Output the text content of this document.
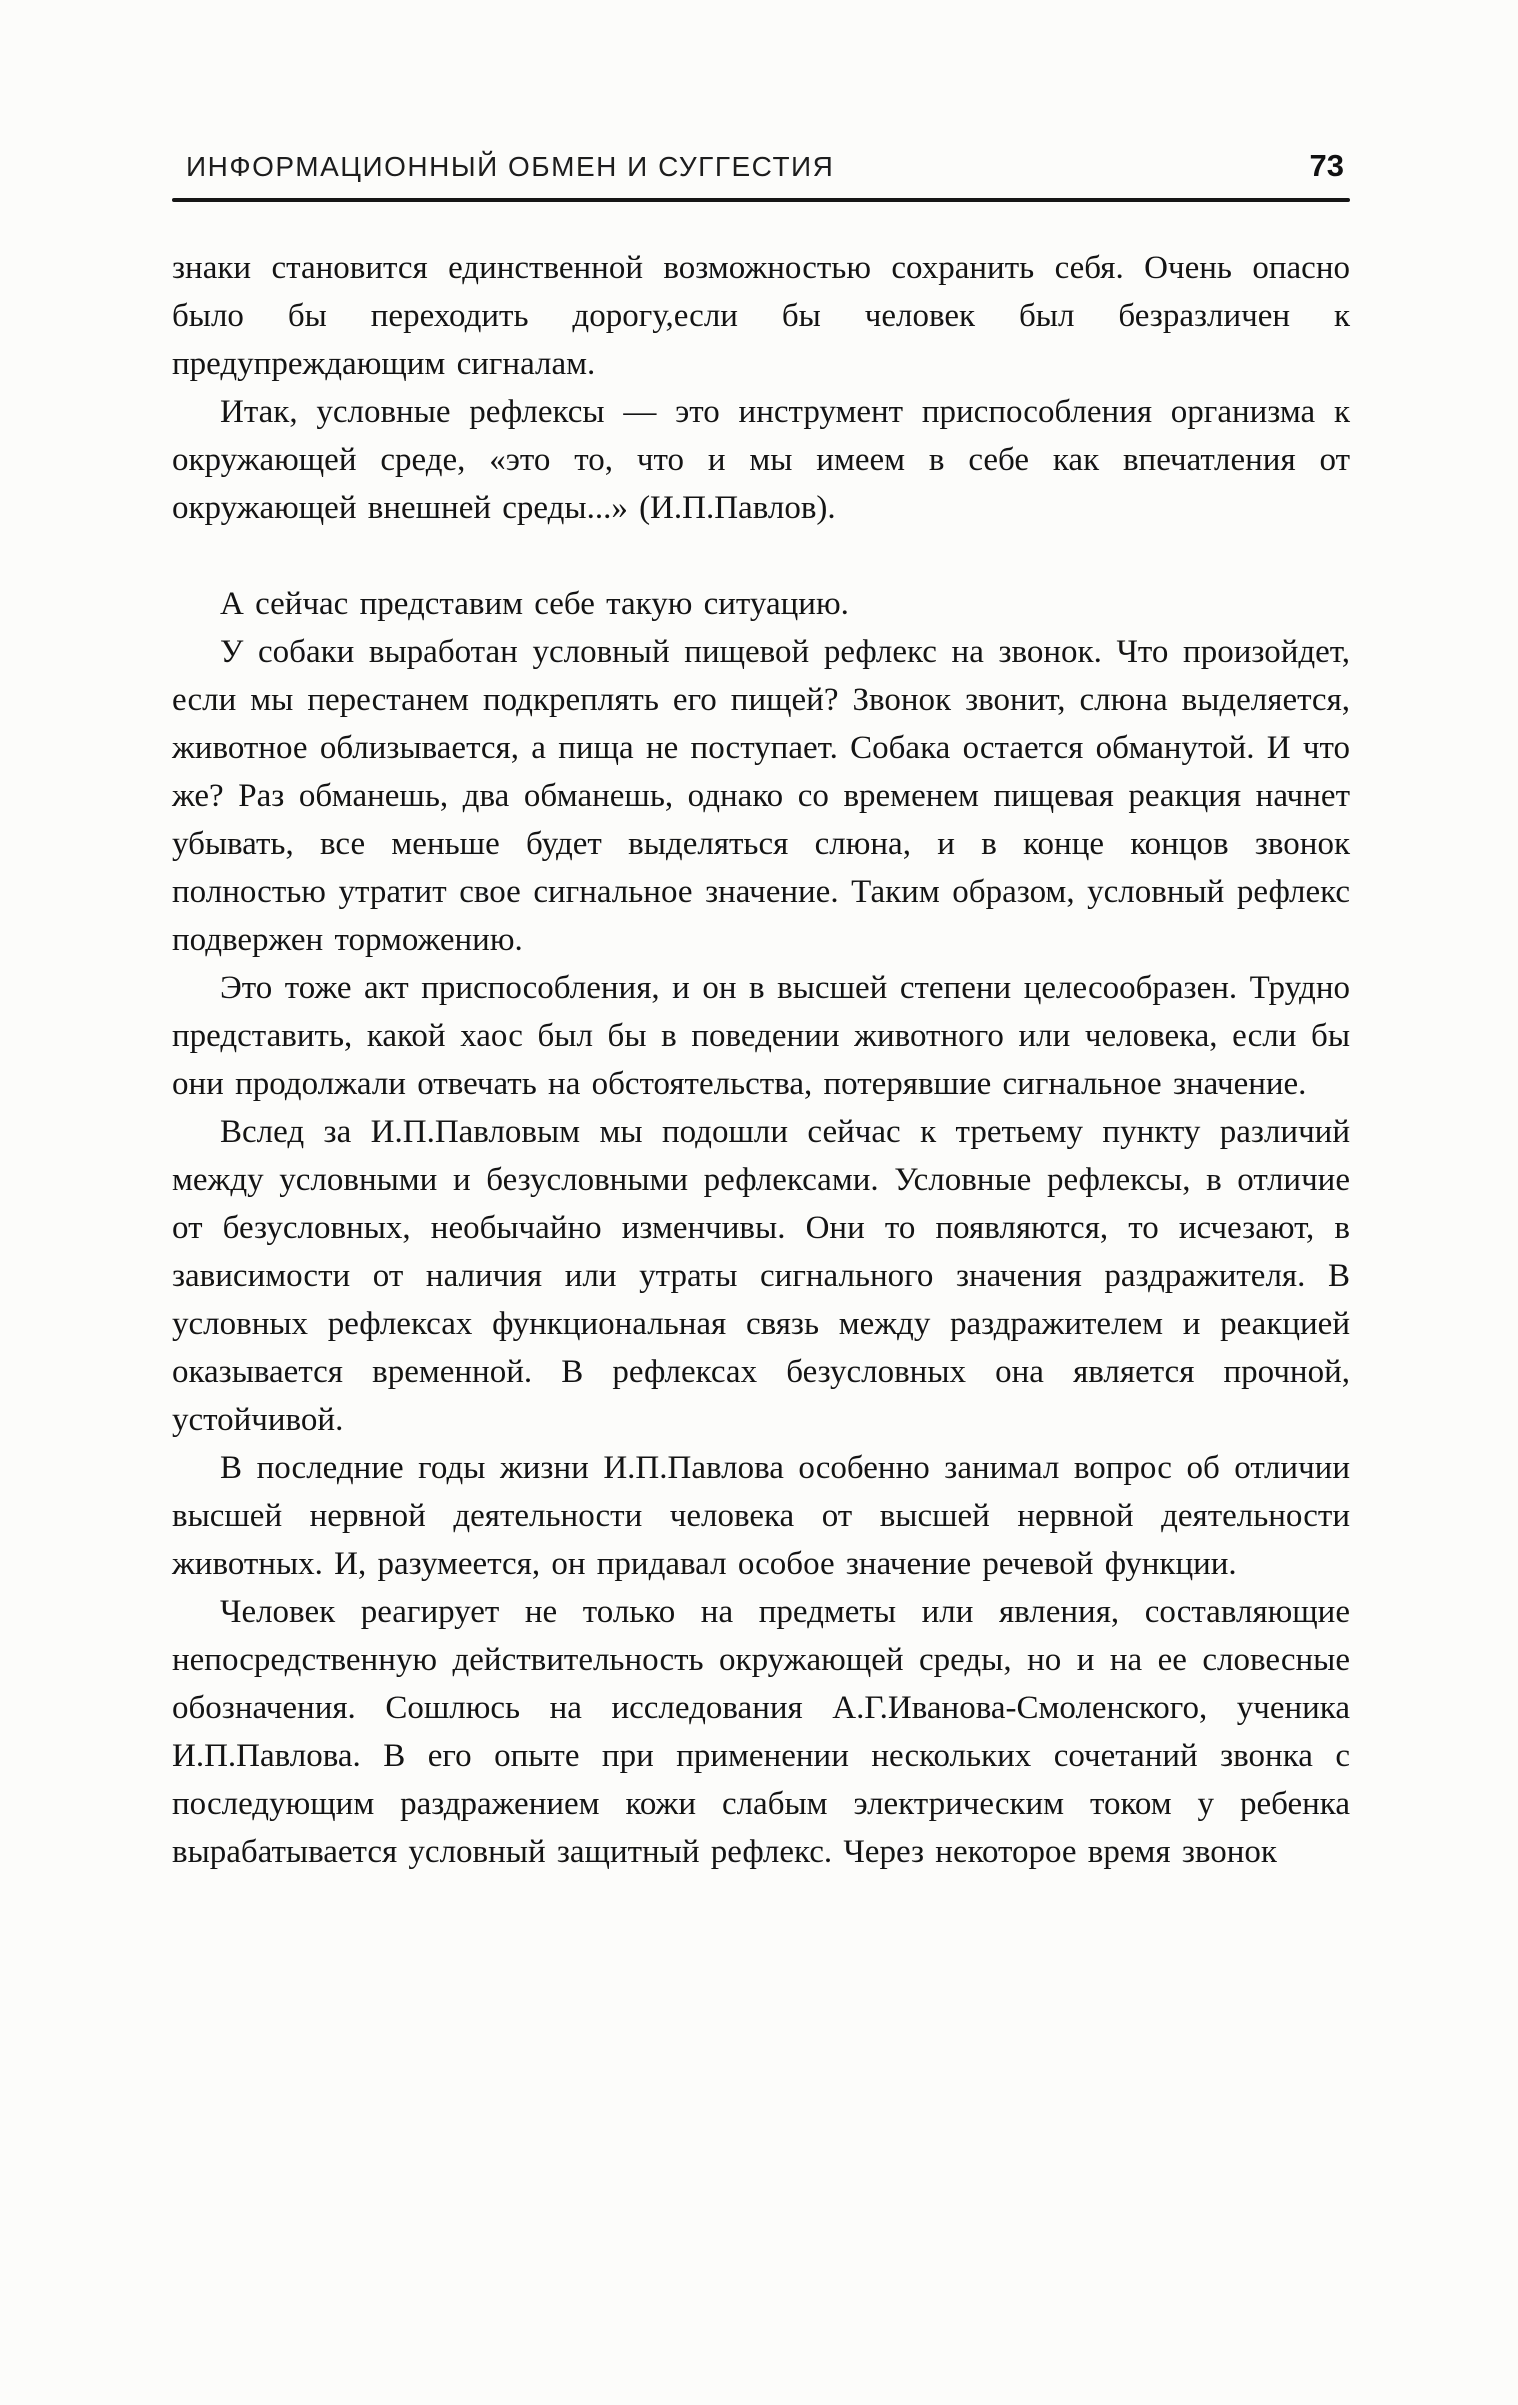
ИНФОРМАЦИОННЫЙ ОБМЕН И СУГГЕСТИЯ	73

знаки становится единственной возможностью сохранить себя. Очень опасно было бы переходить дорогу,если бы человек был безразличен к предупреждающим сигналам.

Итак, условные рефлексы — это инструмент приспособления организма к окружающей среде, «это то, что и мы имеем в себе как впечатления от окружающей внешней среды...» (И.П.Павлов).

А сейчас представим себе такую ситуацию.

У собаки выработан условный пищевой рефлекс на звонок. Что произойдет, если мы перестанем подкреплять его пищей? Звонок звонит, слюна выделяется, животное облизывается, а пища не поступает. Собака остается обманутой. И что же? Раз обманешь, два обманешь, однако со временем пищевая реакция начнет убывать, все меньше будет выделяться слюна, и в конце концов звонок полностью утратит свое сигнальное значение. Таким образом, условный рефлекс подвержен торможению.

Это тоже акт приспособления, и он в высшей степени целесообразен. Трудно представить, какой хаос был бы в поведении животного или человека, если бы они продолжали отвечать на обстоятельства, потерявшие сигнальное значение.

Вслед за И.П.Павловым мы подошли сейчас к третьему пункту различий между условными и безусловными рефлексами. Условные рефлексы, в отличие от безусловных, необычайно изменчивы. Они то появляются, то исчезают, в зависимости от наличия или утраты сигнального значения раздражителя. В условных рефлексах функциональная связь между раздражителем и реакцией оказывается временной. В рефлексах безусловных она является прочной, устойчивой.

В последние годы жизни И.П.Павлова особенно занимал вопрос об отличии высшей нервной деятельности человека от высшей нервной деятельности животных. И, разумеется, он придавал особое значение речевой функции.

Человек реагирует не только на предметы или явления, составляющие непосредственную действительность окружающей среды, но и на ее словесные обозначения. Сошлюсь на исследования А.Г.Иванова-Смоленского, ученика И.П.Павлова. В его опыте при применении нескольких сочетаний звонка с последующим раздражением кожи слабым электрическим током у ребенка вырабатывается условный защитный рефлекс. Через некоторое время звонок
